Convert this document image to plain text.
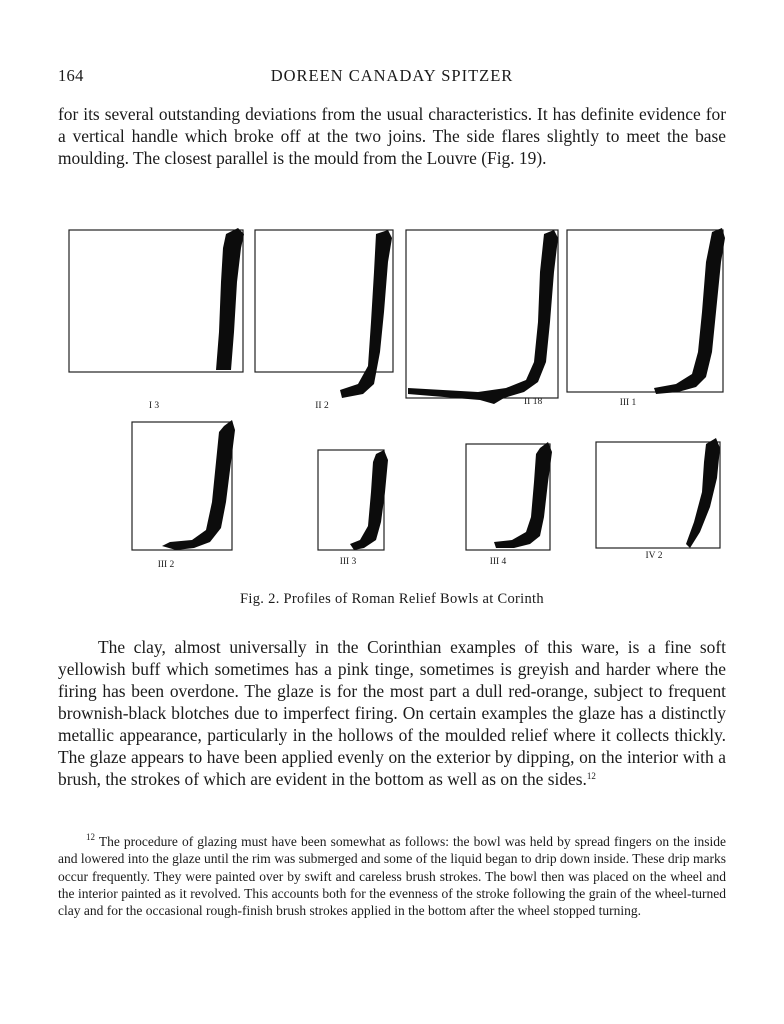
164	DOREEN CANADAY SPITZER

for its several outstanding deviations from the usual characteristics. It has definite evidence for a vertical handle which broke off at the two joins. The side flares slightly to meet the base moulding. The closest parallel is the mould from the Louvre (Fig. 19).

I 3	II 2	II 18	III 1
III 2	III 3	III 4
IV 2
Fig. 2. Profiles of Roman Relief Bowls at Corinth

The clay, almost universally in the Corinthian examples of this ware, is a fine soft yellowish buff which sometimes has a pink tinge, sometimes is greyish and harder where the firing has been overdone. The glaze is for the most part a dull red-orange, subject to frequent brownish-black blotches due to imperfect firing. On certain examples the glaze has a distinctly metallic appearance, particularly in the hollows of the moulded relief where it collects thickly. The glaze appears to have been applied evenly on the exterior by dipping, on the interior with a brush, the strokes of which are evident in the bottom as well as on the sides.$^{12}$

$^{12}$ The procedure of glazing must have been somewhat as follows: the bowl was held by spread fingers on the inside and lowered into the glaze until the rim was submerged and some of the liquid began to drip down inside. These drip marks occur frequently. They were painted over by swift and careless brush strokes. The bowl then was placed on the wheel and the interior painted as it revolved. This accounts both for the evenness of the stroke following the grain of the wheel-turned clay and for the occasional rough-finish brush strokes applied in the bottom after the wheel stopped turning.
